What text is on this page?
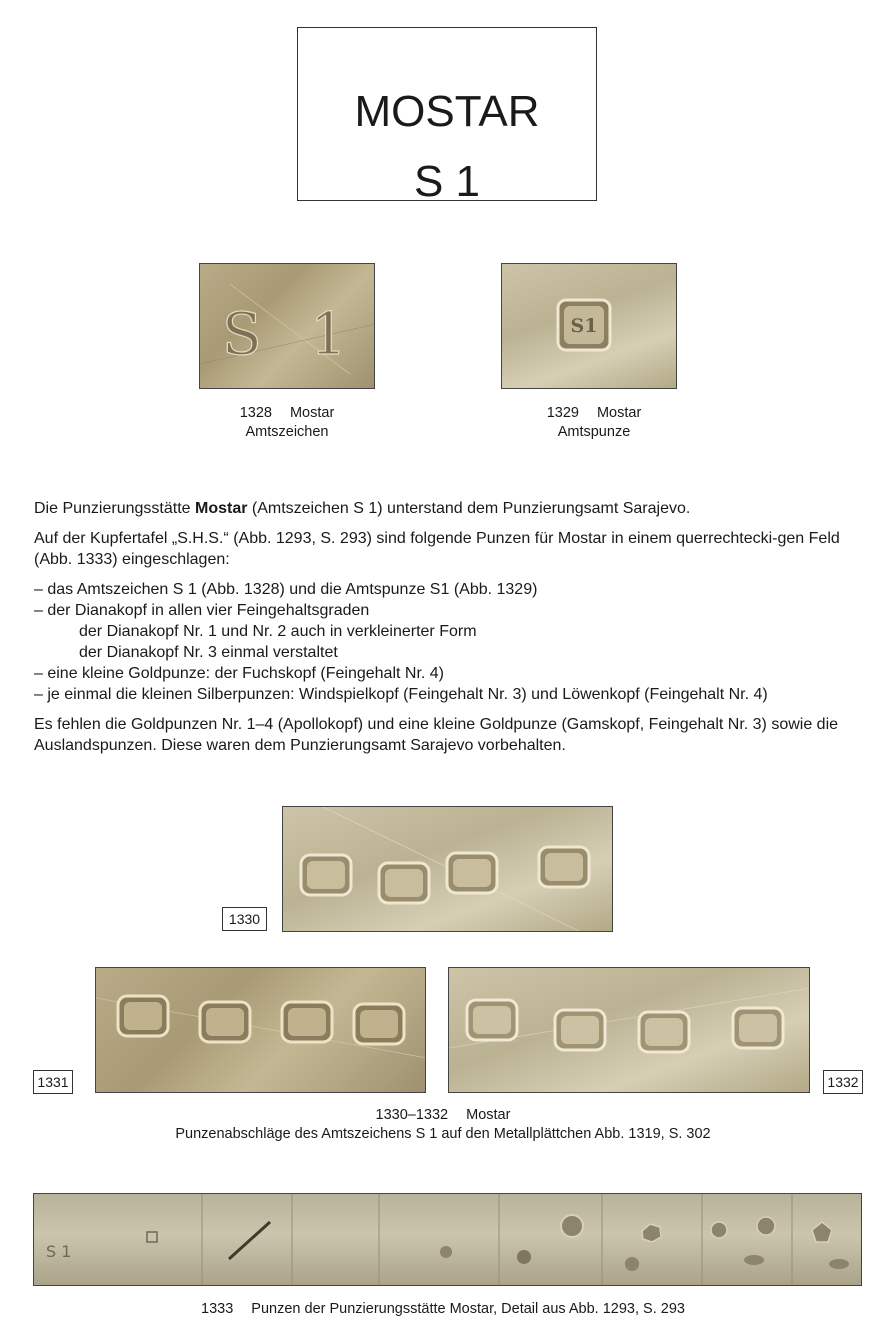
MOSTAR
S 1
S 1
1328 Mostar
Amtszeichen
S1
1329 Mostar
Amtspunze

Die Punzierungsstätte Mostar (Amtszeichen S 1) unterstand dem Punzierungsamt Sarajevo.

Auf der Kupfertafel „S.H.S.“ (Abb. 1293, S. 293) sind folgende Punzen für Mostar in einem querrechtecki-gen Feld (Abb. 1333) eingeschlagen:

– das Amtszeichen S 1 (Abb. 1328) und die Amtspunze S1 (Abb. 1329)

– der Dianakopf in allen vier Feingehaltsgraden

der Dianakopf Nr. 1 und Nr. 2 auch in verkleinerter Form

der Dianakopf Nr. 3 einmal verstaltet

– eine kleine Goldpunze: der Fuchskopf (Feingehalt Nr. 4)

– je einmal die kleinen Silberpunzen: Windspielkopf (Feingehalt Nr. 3) und Löwenkopf (Feingehalt Nr. 4)

Es fehlen die Goldpunzen Nr. 1–4 (Apollokopf) und eine kleine Goldpunze (Gamskopf, Feingehalt Nr. 3) sowie die Auslandspunzen. Diese waren dem Punzierungsamt Sarajevo vorbehalten.

1330
1331	1332
1330–1332 Mostar
Punzenabschläge des Amtszeichens S 1 auf den Metallplättchen Abb. 1319, S. 302
S 1
1333 Punzen der Punzierungsstätte Mostar, Detail aus Abb. 1293, S. 293
